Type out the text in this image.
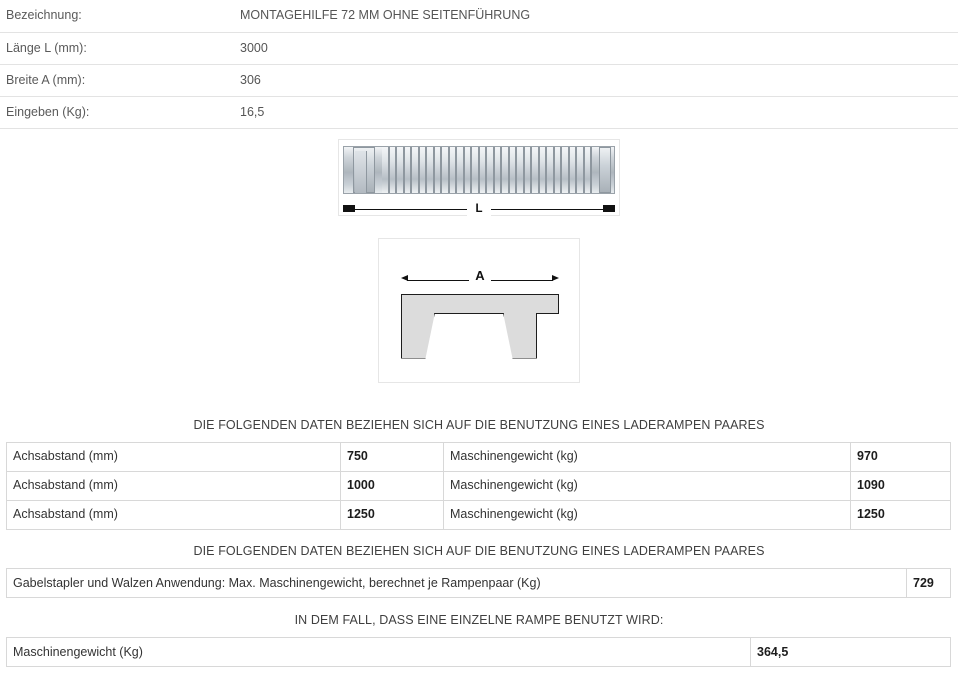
Bezeichnung:	MONTAGEHILFE 72 MM OHNE SEITENFÜHRUNG
Länge L (mm):	3000
Breite A (mm):	306
Eingeben (Kg):	16,5
L
A
DIE FOLGENDEN DATEN BEZIEHEN SICH AUF DIE BENUTZUNG EINES LADERAMPEN PAARES
Achsabstand (mm)	750	Maschinengewicht (kg)	970
Achsabstand (mm)	1000	Maschinengewicht (kg)	1090
Achsabstand (mm)	1250	Maschinengewicht (kg)	1250
DIE FOLGENDEN DATEN BEZIEHEN SICH AUF DIE BENUTZUNG EINES LADERAMPEN PAARES
Gabelstapler und Walzen Anwendung: Max. Maschinengewicht, berechnet je Rampenpaar (Kg)	729
IN DEM FALL, DASS EINE EINZELNE RAMPE BENUTZT WIRD:
Maschinengewicht (Kg)	364,5
